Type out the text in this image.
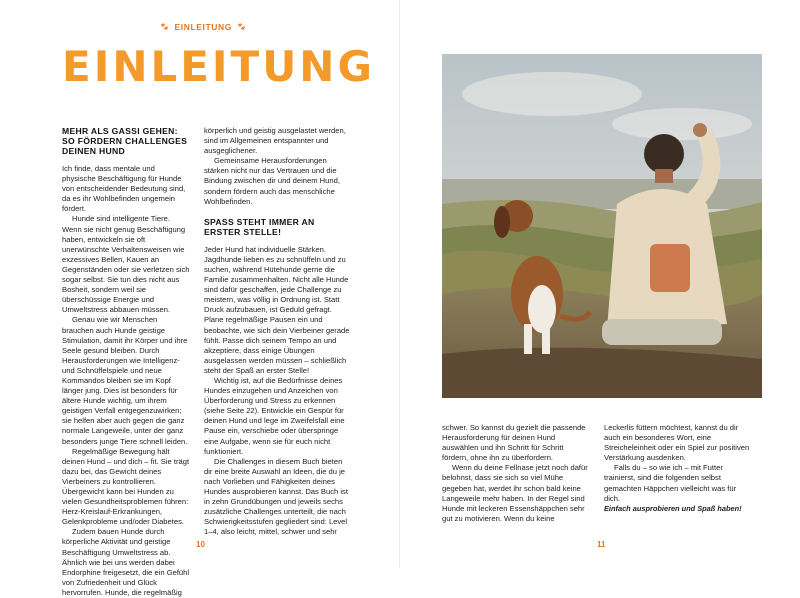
🐾︎ EINLEITUNG 🐾︎
EINLEITUNG
MEHR ALS GASSI GEHEN: SO FÖRDERN CHALLENGES DEINEN HUND

Ich finde, dass mentale und physische Beschäftigung für Hunde von entscheidender Bedeutung sind, da es ihr Wohlbefinden ungemein fördert.

Hunde sind intelligente Tiere. Wenn sie nicht genug Beschäftigung haben, entwickeln sie oft unerwünschte Verhaltensweisen wie exzessives Bellen, Kauen an Gegenständen oder sie verletzen sich sogar selbst. Sie tun dies nicht aus Bosheit, sondern weil sie überschüssige Energie und Umweltstress abbauen müssen.

Genau wie wir Menschen brauchen auch Hunde geistige Stimulation, damit ihr Körper und ihre Seele gesund bleiben. Durch Herausforderungen wie Intelligenz- und Schnüffelspiele und neue Kommandos bleiben sie im Kopf länger jung. Dies ist besonders für ältere Hunde wichtig, um ihrem geistigen Verfall entgegenzuwirken; sie helfen aber auch gegen die ganz normale Langeweile, unter der ganz besonders junge Tiere schnell leiden.

Regelmäßige Bewegung hält deinen Hund – und dich – fit. Sie trägt dazu bei, das Gewicht deines Vierbeiners zu kontrollieren. Übergewicht kann bei Hunden zu vielen Gesundheitsproblemen führen: Herz-Kreislauf-Erkrankungen, Gelenkprobleme und/oder Diabetes.

Zudem bauen Hunde durch körperliche Aktivität und geistige Beschäftigung Umweltstress ab. Ähnlich wie bei uns werden dabei Endorphine freigesetzt, die ein Gefühl von Zufriedenheit und Glück hervorrufen. Hunde, die regelmäßig

körperlich und geistig ausgelastet werden, sind im Allgemeinen entspannter und ausgeglichener.

Gemeinsame Herausforderungen stärken nicht nur das Vertrauen und die Bindung zwischen dir und deinem Hund, sondern fördern auch das menschliche Wohlbefinden.

SPASS STEHT IMMER AN ERSTER STELLE!

Jeder Hund hat individuelle Stärken. Jagdhunde lieben es zu schnüffeln und zu suchen, während Hütehunde gerne die Familie zusammenhalten. Nicht alle Hunde sind dafür geschaffen, jede Challenge zu meistern, was völlig in Ordnung ist. Statt Druck aufzubauen, ist Geduld gefragt. Plane regelmäßige Pausen ein und beobachte, wie sich dein Vierbeiner gerade fühlt. Passe dich seinem Tempo an und akzeptiere, dass einige Übungen ausgelassen werden müssen – schließlich steht der Spaß an erster Stelle!

Wichtig ist, auf die Bedürfnisse deines Hundes einzugehen und Anzeichen von Überforderung und Stress zu erkennen (siehe Seite 22). Entwickle ein Gespür für deinen Hund und lege im Zweifelsfall eine Pause ein, verschiebe oder überspringe eine Aufgabe, wenn sie für euch nicht funktioniert.

Die Challenges in diesem Buch bieten dir eine breite Auswahl an Ideen, die du je nach Vorlieben und Fähigkeiten deines Hundes ausprobieren kannst. Das Buch ist in zehn Grundübungen und jeweils sechs zusätzliche Challenges unterteilt, die nach Schwierigkeitsstufen gegliedert sind: Level 1–4, also leicht, mittel, schwer und sehr

10

schwer. So kannst du gezielt die passende Herausforderung für deinen Hund auswählen und ihn Schritt für Schritt fördern, ohne ihn zu überfordern.

Wenn du deine Fellnase jetzt noch dafür belohnst, dass sie sich so viel Mühe gegeben hat, werdet ihr schon bald keine Langeweile mehr haben. In der Regel sind Hunde mit leckeren Essenshäppchen sehr gut zu motivieren. Wenn du keine

Leckerlis füttern möchtest, kannst du dir auch ein besonderes Wort, eine Streicheleinheit oder ein Spiel zur positiven Verstärkung ausdenken.

Falls du – so wie ich – mit Futter trainierst, sind die folgenden selbst gemachten Häppchen vielleicht was für dich.

Einfach ausprobieren und Spaß haben!

11
